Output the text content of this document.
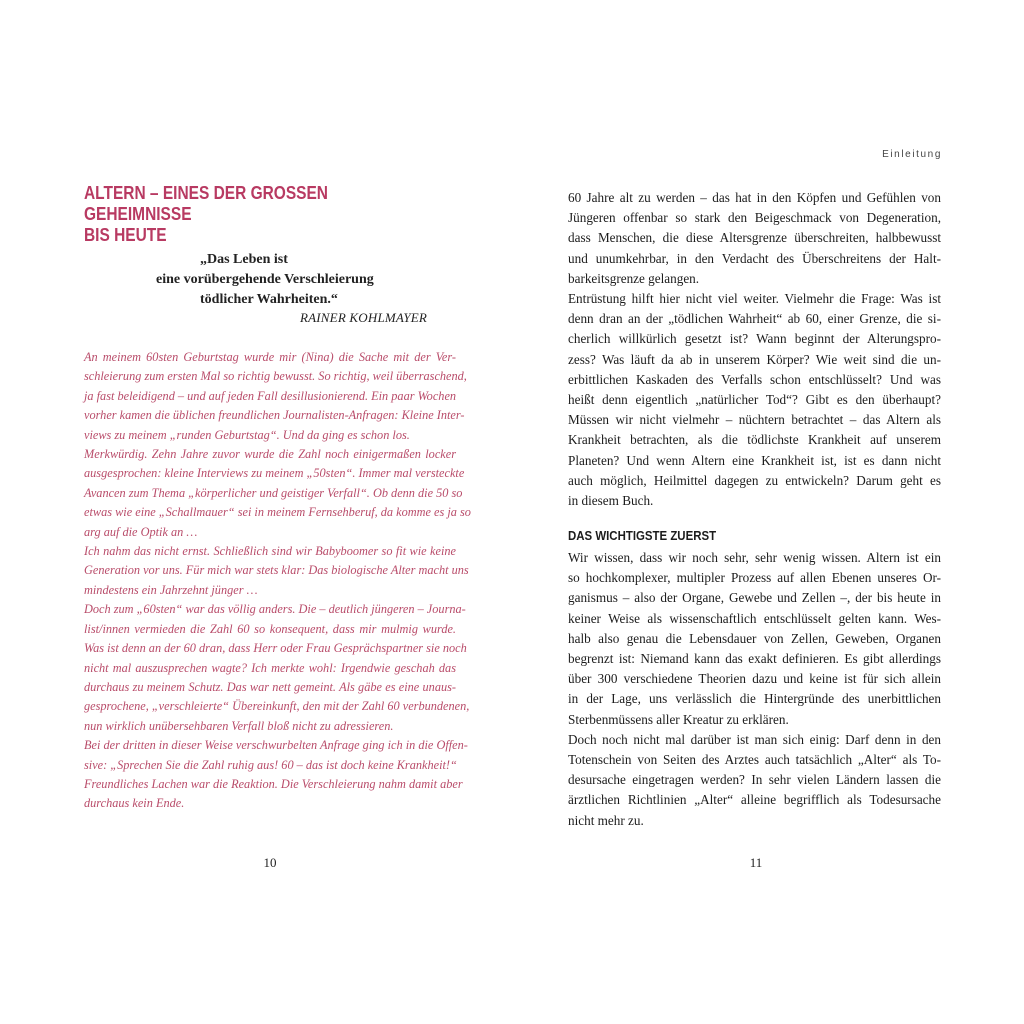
Einleitung
ALTERN – EINES DER GROSSEN GEHEIMNISSE
BIS HEUTE
„Das Leben ist
eine vorübergehende Verschleierung
tödlicher Wahrheiten.“
RAINER KOHLMAYER
An meinem 60sten Geburtstag wurde mir (Nina) die Sache mit der Ver-
schleierung zum ersten Mal so richtig bewusst. So richtig, weil überraschend,
ja fast beleidigend – und auf jeden Fall desillusionierend. Ein paar Wochen
vorher kamen die üblichen freundlichen Journalisten-Anfragen: Kleine Inter-
views zu meinem „runden Geburtstag“. Und da ging es schon los.
Merkwürdig. Zehn Jahre zuvor wurde die Zahl noch einigermaßen locker
ausgesprochen: kleine Interviews zu meinem „50sten“. Immer mal versteckte
Avancen zum Thema „körperlicher und geistiger Verfall“. Ob denn die 50 so
etwas wie eine „Schallmauer“ sei in meinem Fernsehberuf, da komme es ja so
arg auf die Optik an …
Ich nahm das nicht ernst. Schließlich sind wir Babyboomer so fit wie keine
Generation vor uns. Für mich war stets klar: Das biologische Alter macht uns
mindestens ein Jahrzehnt jünger …
Doch zum „60sten“ war das völlig anders. Die – deutlich jüngeren – Journa-
list/innen vermieden die Zahl 60 so konsequent, dass mir mulmig wurde.
Was ist denn an der 60 dran, dass Herr oder Frau Gesprächspartner sie noch
nicht mal auszusprechen wagte? Ich merkte wohl: Irgendwie geschah das
durchaus zu meinem Schutz. Das war nett gemeint. Als gäbe es eine unaus-
gesprochene, „verschleierte“ Übereinkunft, den mit der Zahl 60 verbundenen,
nun wirklich unübersehbaren Verfall bloß nicht zu adressieren.
Bei der dritten in dieser Weise verschwurbelten Anfrage ging ich in die Offen-
sive: „Sprechen Sie die Zahl ruhig aus! 60 – das ist doch keine Krankheit!“
Freundliches Lachen war die Reaktion. Die Verschleierung nahm damit aber
durchaus kein Ende.
10
60 Jahre alt zu werden – das hat in den Köpfen und Gefühlen von
Jüngeren offenbar so stark den Beigeschmack von Degeneration,
dass Menschen, die diese Altersgrenze überschreiten, halbbewusst
und unumkehrbar, in den Verdacht des Überschreitens der Halt-
barkeitsgrenze gelangen.
Entrüstung hilft hier nicht viel weiter. Vielmehr die Frage: Was ist
denn dran an der „tödlichen Wahrheit“ ab 60, einer Grenze, die si-
cherlich willkürlich gesetzt ist? Wann beginnt der Alterungspro-
zess? Was läuft da ab in unserem Körper? Wie weit sind die un-
erbittlichen Kaskaden des Verfalls schon entschlüsselt? Und was
heißt denn eigentlich „natürlicher Tod“? Gibt es den überhaupt?
Müssen wir nicht vielmehr – nüchtern betrachtet – das Altern als
Krankheit betrachten, als die tödlichste Krankheit auf unserem
Planeten? Und wenn Altern eine Krankheit ist, ist es dann nicht
auch möglich, Heilmittel dagegen zu entwickeln? Darum geht es
in diesem Buch.
DAS WICHTIGSTE ZUERST
Wir wissen, dass wir noch sehr, sehr wenig wissen. Altern ist ein
so hochkomplexer, multipler Prozess auf allen Ebenen unseres Or-
ganismus – also der Organe, Gewebe und Zellen –, der bis heute in
keiner Weise als wissenschaftlich entschlüsselt gelten kann. Wes-
halb also genau die Lebensdauer von Zellen, Geweben, Organen
begrenzt ist: Niemand kann das exakt definieren. Es gibt allerdings
über 300 verschiedene Theorien dazu und keine ist für sich allein
in der Lage, uns verlässlich die Hintergründe des unerbittlichen
Sterbenmüssens aller Kreatur zu erklären.
Doch noch nicht mal darüber ist man sich einig: Darf denn in den
Totenschein von Seiten des Arztes auch tatsächlich „Alter“ als To-
desursache eingetragen werden? In sehr vielen Ländern lassen die
ärztlichen Richtlinien „Alter“ alleine begrifflich als Todesursache
nicht mehr zu.
11
